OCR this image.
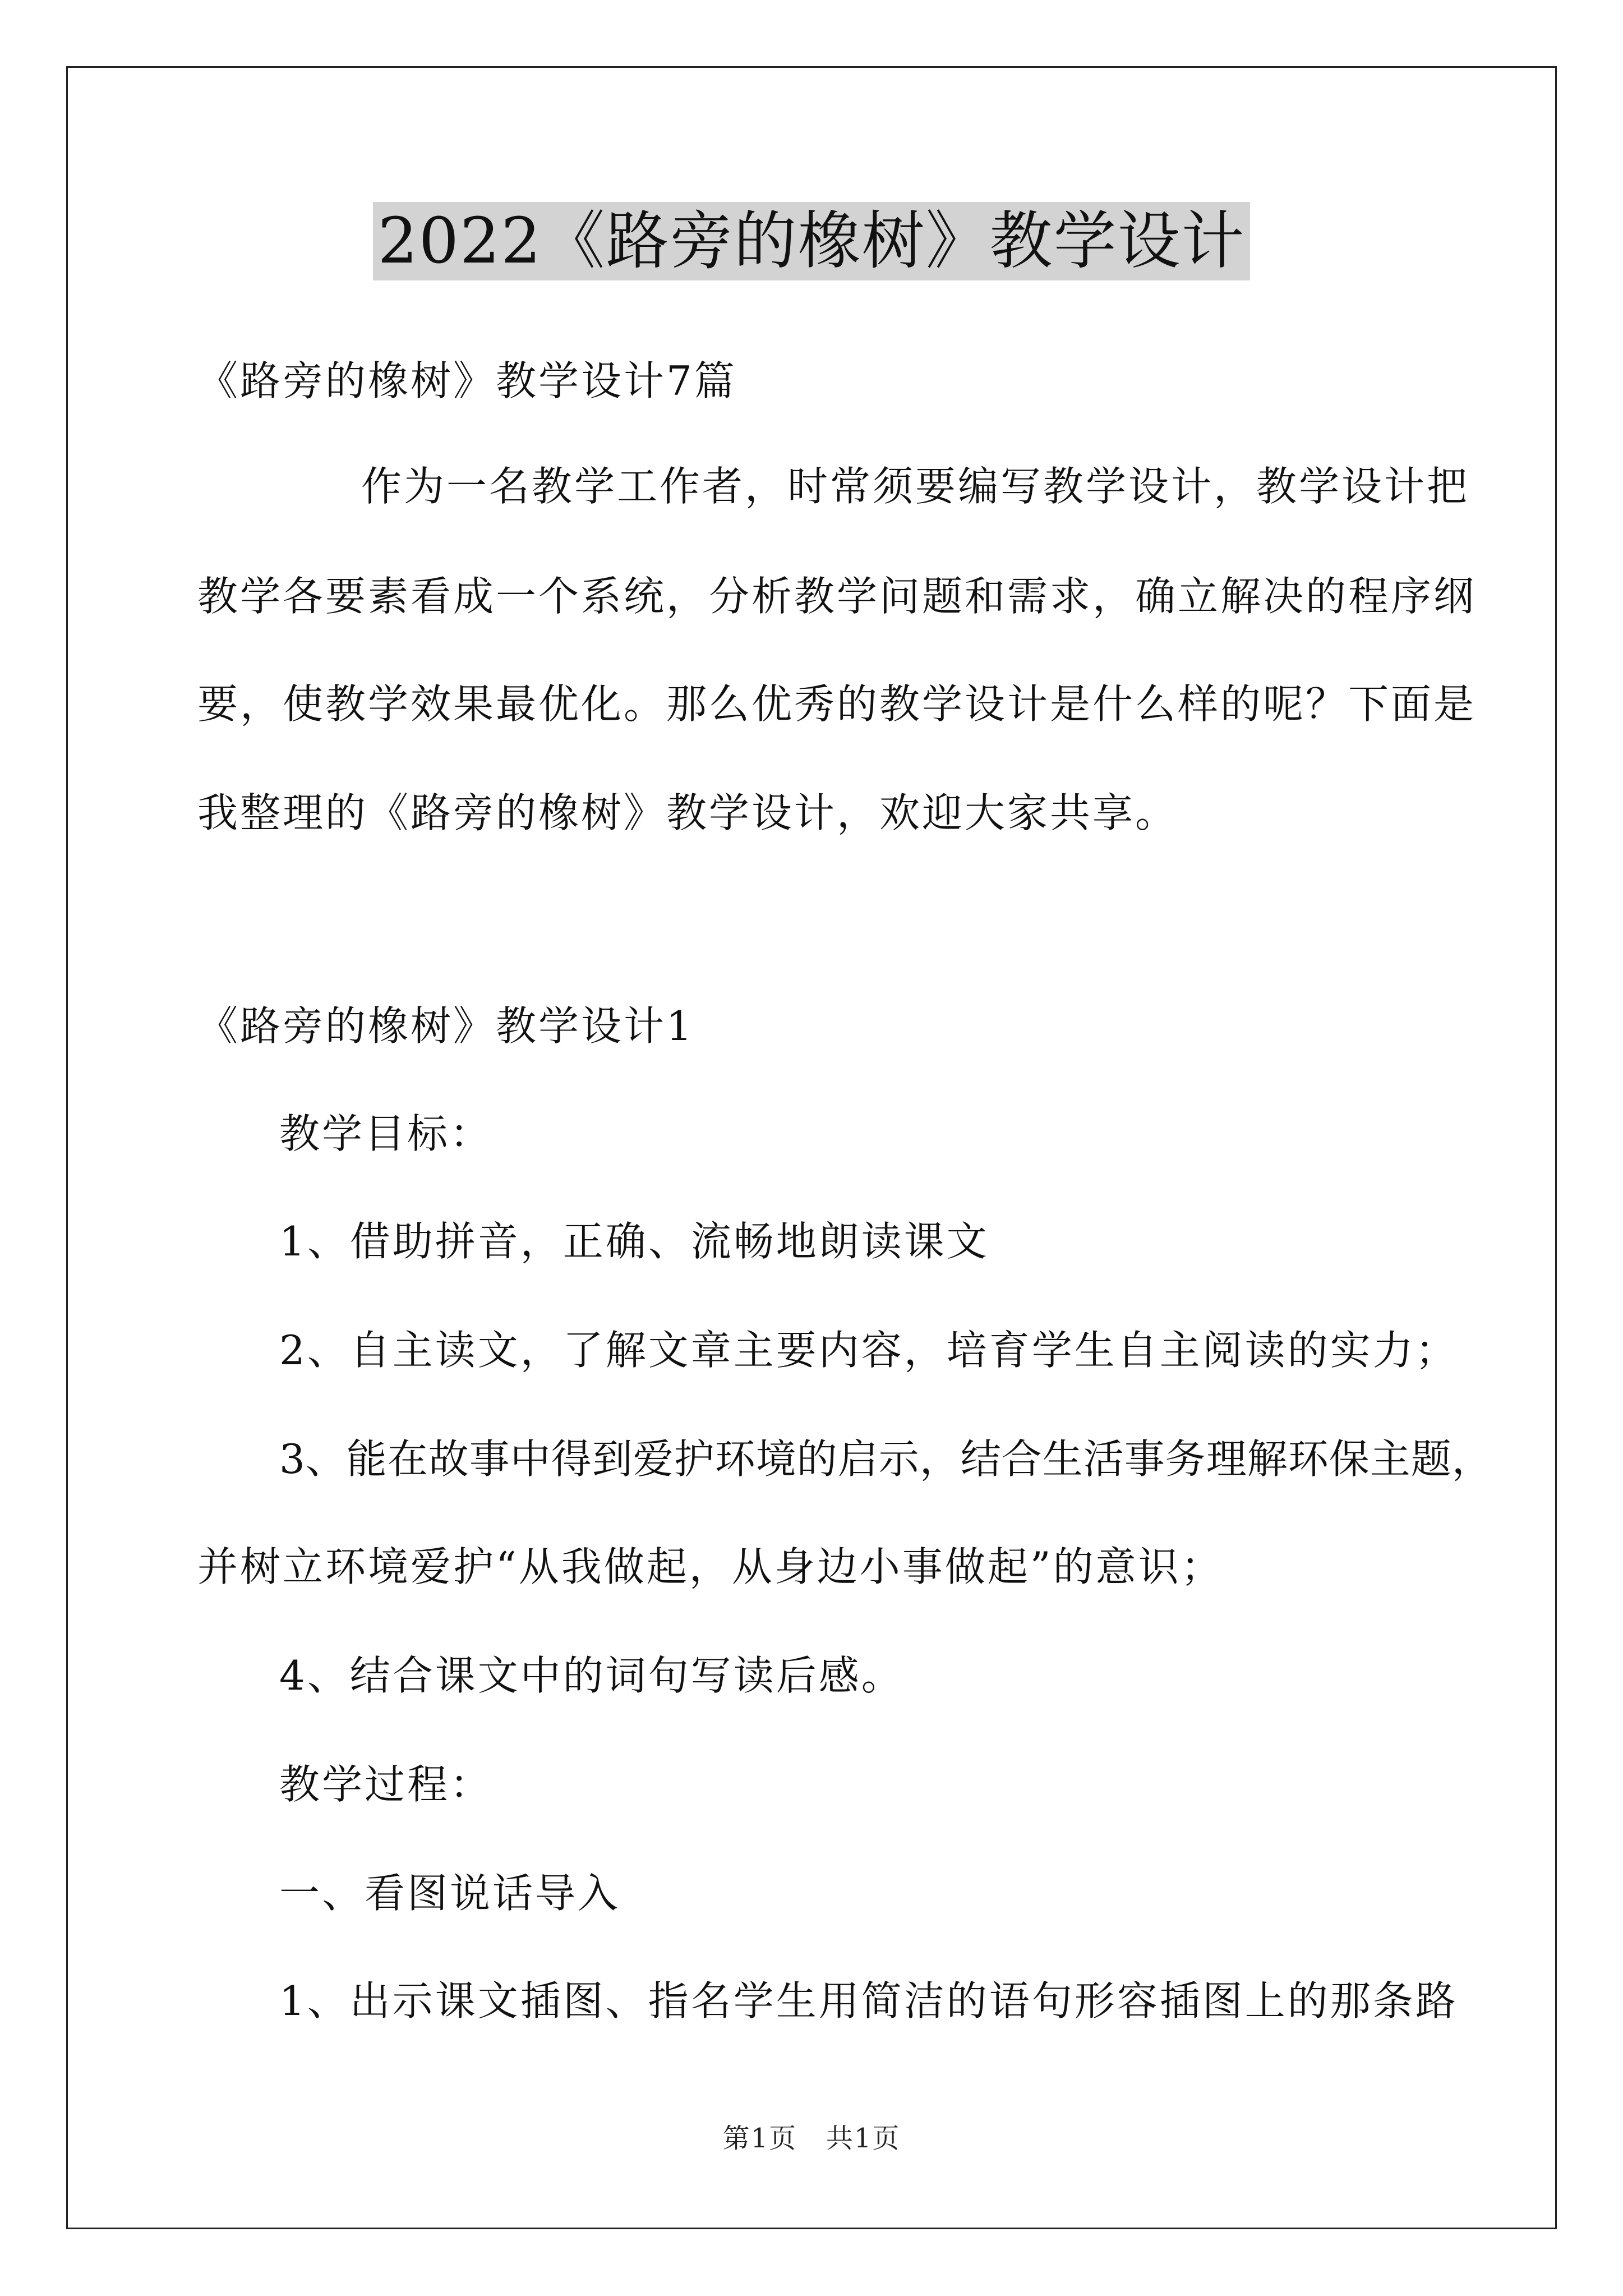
2022《路旁的橡树》教学设计
《路旁的橡树》教学设计7篇
作为一名教学工作者，时常须要编写教学设计，教学设计把
教学各要素看成一个系统，分析教学问题和需求，确立解决的程序纲
要，使教学效果最优化。那么优秀的教学设计是什么样的呢？下面是
我整理的《路旁的橡树》教学设计，欢迎大家共享。
《路旁的橡树》教学设计1
教学目标：
1、借助拼音，正确、流畅地朗读课文
2、自主读文，了解文章主要内容，培育学生自主阅读的实力；
3、能在故事中得到爱护环境的启示，结合生活事务理解环保主题，
并树立环境爱护“从我做起，从身边小事做起”的意识；
4、结合课文中的词句写读后感。
教学过程：
一、看图说话导入
1、出示课文插图、指名学生用简洁的语句形容插图上的那条路
第1页   共1页
